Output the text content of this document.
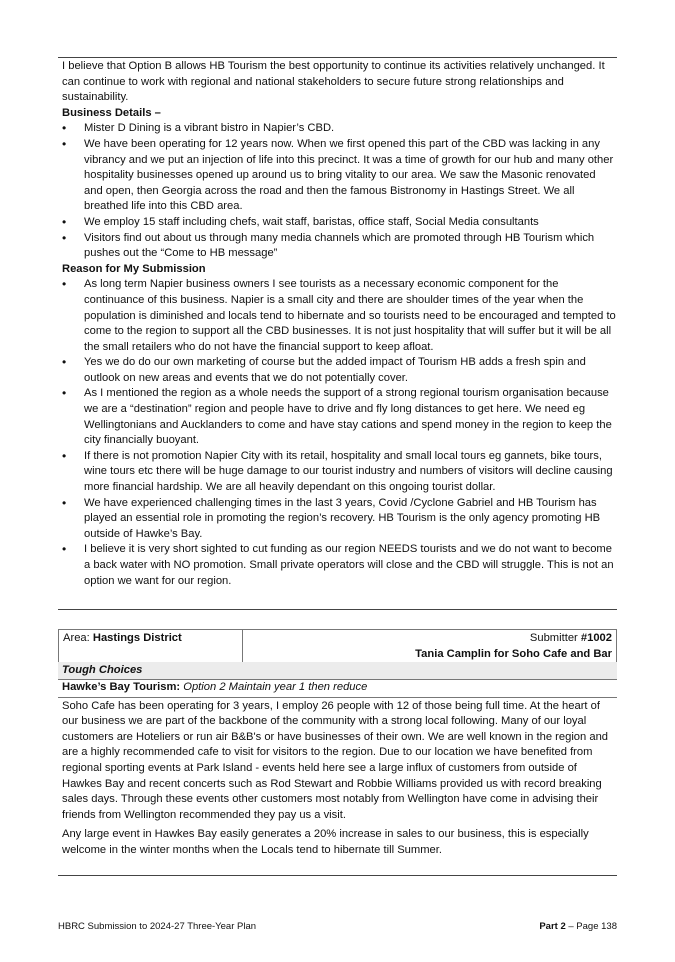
I believe that Option B allows HB Tourism the best opportunity to continue its activities relatively unchanged. It can continue to work with regional and national stakeholders to secure future strong relationships and sustainability.

Business Details –

• Mister D Dining is a vibrant bistro in Napier’s CBD.
• We have been operating for 12 years now. When we first opened this part of the CBD was lacking in any vibrancy and we put an injection of life into this precinct. It was a time of growth for our hub and many other hospitality businesses opened up around us to bring vitality to our area. We saw the Masonic renovated and open, then Georgia across the road and then the famous Bistronomy in Hastings Street. We all breathed life into this CBD area.
• We employ 15 staff including chefs, wait staff, baristas, office staff, Social Media consultants
• Visitors find out about us through many media channels which are promoted through HB Tourism which pushes out the “Come to HB message”

Reason for My Submission

• As long term Napier business owners I see tourists as a necessary economic component for the continuance of this business. Napier is a small city and there are shoulder times of the year when the population is diminished and locals tend to hibernate and so tourists need to be encouraged and tempted to come to the region to support all the CBD businesses. It is not just hospitality that will suffer but it will be all the small retailers who do not have the financial support to keep afloat.
• Yes we do do our own marketing of course but the added impact of Tourism HB adds a fresh spin and outlook on new areas and events that we do not potentially cover.
• As I mentioned the region as a whole needs the support of a strong regional tourism organisation because we are a “destination” region and people have to drive and fly long distances to get here. We need eg Wellingtonians and Aucklanders to come and have stay cations and spend money in the region to keep the city financially buoyant.
• If there is not promotion Napier City with its retail, hospitality and small local tours eg gannets, bike tours, wine tours etc there will be huge damage to our tourist industry and numbers of visitors will decline causing more financial hardship. We are all heavily dependant on this ongoing tourist dollar.
• We have experienced challenging times in the last 3 years, Covid /Cyclone Gabriel and HB Tourism has played an essential role in promoting the region’s recovery. HB Tourism is the only agency promoting HB outside of Hawke’s Bay.
• I believe it is very short sighted to cut funding as our region NEEDS tourists and we do not want to become a back water with NO promotion. Small private operators will close and the CBD will struggle. This is not an option we want for our region.
Area: Hastings District	Submitter #1002
Tania Camplin for Soho Cafe and Bar
Tough Choices

Hawke’s Bay Tourism: Option 2 Maintain year 1 then reduce

Soho Cafe has been operating for 3 years, I employ 26 people with 12 of those being full time. At the heart of our business we are part of the backbone of the community with a strong local following. Many of our loyal customers are Hoteliers or run air B&B's or have businesses of their own. We are well known in the region and are a highly recommended cafe to visit for visitors to the region. Due to our location we have benefited from regional sporting events at Park Island - events held here see a large influx of customers from outside of Hawkes Bay and recent concerts such as Rod Stewart and Robbie Williams provided us with record breaking sales days. Through these events other customers most notably from Wellington have come in advising their friends from Wellington recommended they pay us a visit.

Any large event in Hawkes Bay easily generates a 20% increase in sales to our business, this is especially welcome in the winter months when the Locals tend to hibernate till Summer.

HBRC Submission to 2024-27 Three-Year Plan	Part 2 – Page 138
